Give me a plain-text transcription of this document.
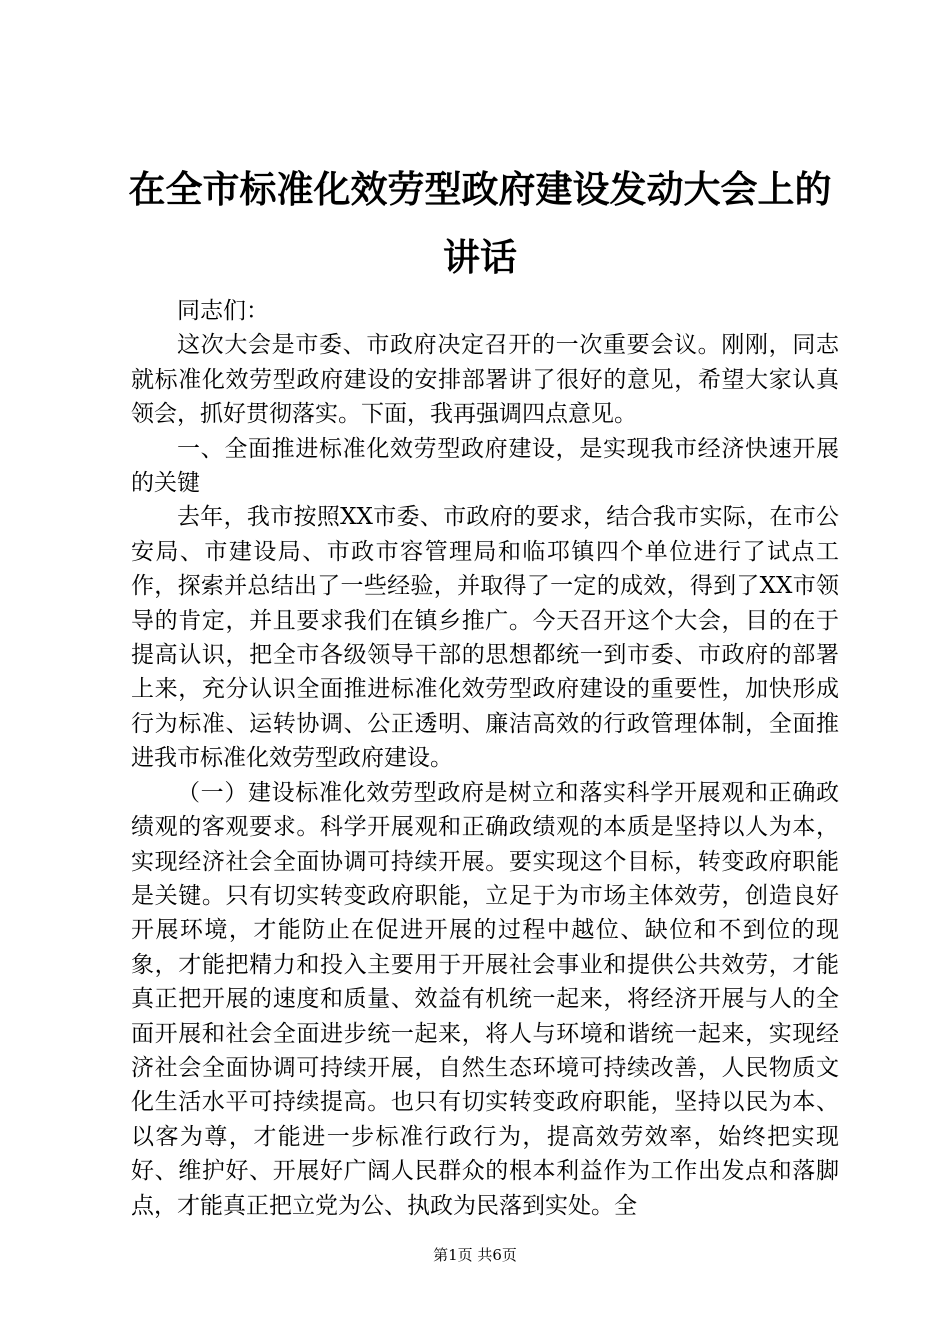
在全市标准化效劳型政府建设发动大会上的讲话

同志们：

这次大会是市委、市政府决定召开的一次重要会议。刚刚，同志就标准化效劳型政府建设的安排部署讲了很好的意见，希望大家认真领会，抓好贯彻落实。下面，我再强调四点意见。

一、全面推进标准化效劳型政府建设，是实现我市经济快速开展的关键

去年，我市按照XX市委、市政府的要求，结合我市实际，在市公安局、市建设局、市政市容管理局和临邛镇四个单位进行了试点工作，探索并总结出了一些经验，并取得了一定的成效，得到了XX市领导的肯定，并且要求我们在镇乡推广。今天召开这个大会，目的在于提高认识，把全市各级领导干部的思想都统一到市委、市政府的部署上来，充分认识全面推进标准化效劳型政府建设的重要性，加快形成行为标准、运转协调、公正透明、廉洁高效的行政管理体制，全面推进我市标准化效劳型政府建设。

（一）建设标准化效劳型政府是树立和落实科学开展观和正确政绩观的客观要求。科学开展观和正确政绩观的本质是坚持以人为本，实现经济社会全面协调可持续开展。要实现这个目标，转变政府职能是关键。只有切实转变政府职能，立足于为市场主体效劳，创造良好开展环境，才能防止在促进开展的过程中越位、缺位和不到位的现象，才能把精力和投入主要用于开展社会事业和提供公共效劳，才能真正把开展的速度和质量、效益有机统一起来，将经济开展与人的全面开展和社会全面进步统一起来，将人与环境和谐统一起来，实现经济社会全面协调可持续开展，自然生态环境可持续改善，人民物质文化生活水平可持续提高。也只有切实转变政府职能，坚持以民为本、以客为尊，才能进一步标准行政行为，提高效劳效率，始终把实现好、维护好、开展好广阔人民群众的根本利益作为工作出发点和落脚点，才能真正把立党为公、执政为民落到实处。全

第1页 共6页
